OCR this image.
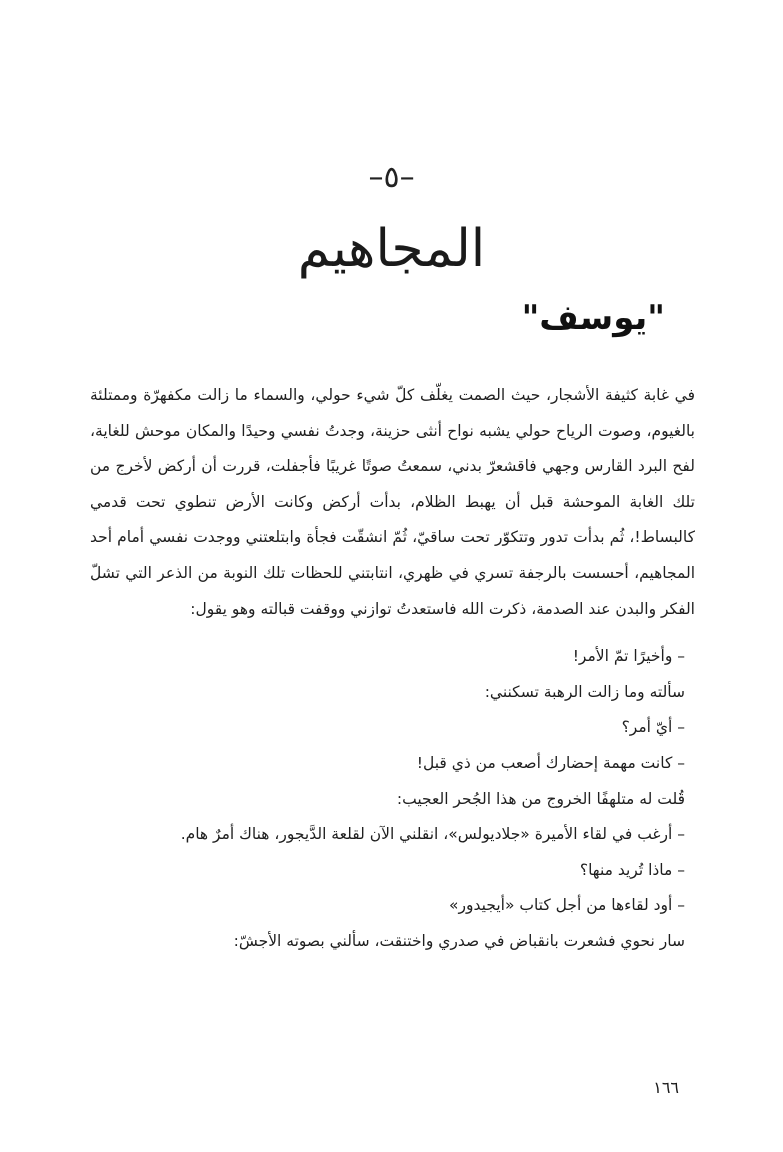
–٥–
المجاهيم
"يوسف"

في غابة كثيفة الأشجار، حيث الصمت يغلّف كلّ شيء حولي، والسماء ما زالت مكفهرّة وممتلئة بالغيوم، وصوت الرياح حولي يشبه نواح أنثى حزينة، وجدتُ نفسي وحيدًا والمكان موحش للغاية، لفح البرد القارس وجهي فاقشعرّ بدني، سمعتُ صوتًا غريبًا فأجفلت، قررت أن أركض لأخرج من تلك الغابة الموحشة قبل أن يهبط الظلام، بدأت أركض وكانت الأرض تنطوي تحت قدمي كالبساط!، ثُم بدأت تدور وتتكوّر تحت ساقيّ، ثُمّ انشقّت فجأة وابتلعتني ووجدت نفسي أمام أحد المجاهيم، أحسست بالرجفة تسري في ظهري، انتابتني للحظات تلك النوبة من الذعر التي تشلّ الفكر والبدن عند الصدمة، ذكرت الله فاستعدتُ توازني ووقفت قبالته وهو يقول:

– وأخيرًا تمّ الأمر!

سألته وما زالت الرهبة تسكنني:

– أيّ أمر؟

– كانت مهمة إحضارك أصعب من ذي قبل!

قُلت له متلهفًا الخروج من هذا الجُحر العجيب:

– أرغب في لقاء الأميرة «جلاديولس»، انقلني الآن لقلعة الدَّيجور، هناك أمرٌ هام.

– ماذا تُريد منها؟

– أود لقاءها من أجل كتاب «أيجيدور»

سار نحوي فشعرت بانقباض في صدري واختنقت، سألني بصوته الأجشّ:

١٦٦
